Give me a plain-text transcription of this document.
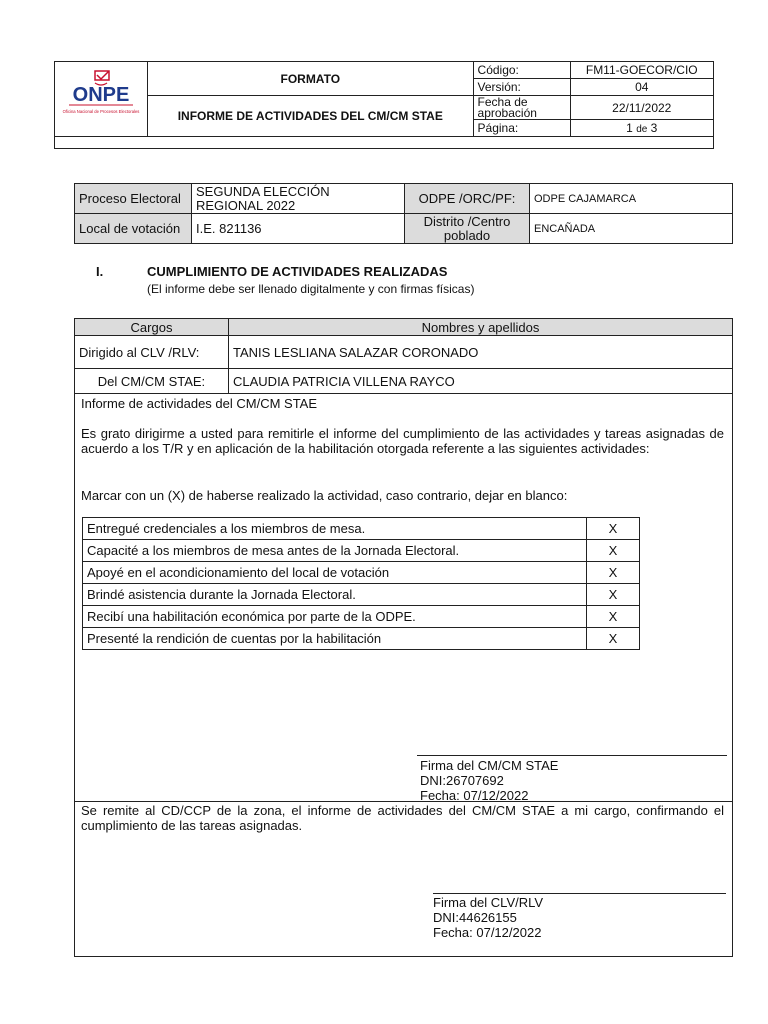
ONPE
Oficina Nacional de Procesos Electorales	FORMATO	Código:	FM11-GOECOR/CIO
		Versión:	04
	INFORME DE ACTIVIDADES DEL CM/CM STAE	Fecha de aprobación	22/11/2022
		Página:	1 de 3

Proceso Electoral	SEGUNDA ELECCIÓN REGIONAL 2022	ODPE /ORC/PF:	ODPE CAJAMARCA
Local de votación	I.E. 821136	Distrito /Centro poblado	ENCAÑADA
I.	CUMPLIMIENTO DE ACTIVIDADES REALIZADAS
(El informe debe ser llenado digitalmente y con firmas físicas)
Cargos	Nombres y apellidos
Dirigido al CLV /RLV:	TANIS LESLIANA SALAZAR CORONADO
Del CM/CM STAE:	CLAUDIA PATRICIA VILLENA RAYCO

Informe de actividades del CM/CM STAE
Es grato dirigirme a usted para remitirle el informe del cumplimiento de las actividades y tareas asignadas de acuerdo a los T/R y en aplicación de la habilitación otorgada referente a las siguientes actividades:
Marcar con un (X) de haberse realizado la actividad, caso contrario, dejar en blanco:
Entregué credenciales a los miembros de mesa.	X
Capacité a los miembros de mesa antes de la Jornada Electoral.	X
Apoyé en el acondicionamiento del local de votación	X
Brindé asistencia durante la Jornada Electoral.	X
Recibí una habilitación económica por parte de la ODPE.	X
Presenté la rendición de cuentas por la habilitación	X
Firma del CM/CM STAE
DNI:26707692
Fecha: 07/12/2022

Se remite al CD/CCP de la zona, el informe de actividades del CM/CM STAE a mi cargo, confirmando el cumplimiento de las tareas asignadas.
Firma del CLV/RLV
DNI:44626155
Fecha: 07/12/2022
